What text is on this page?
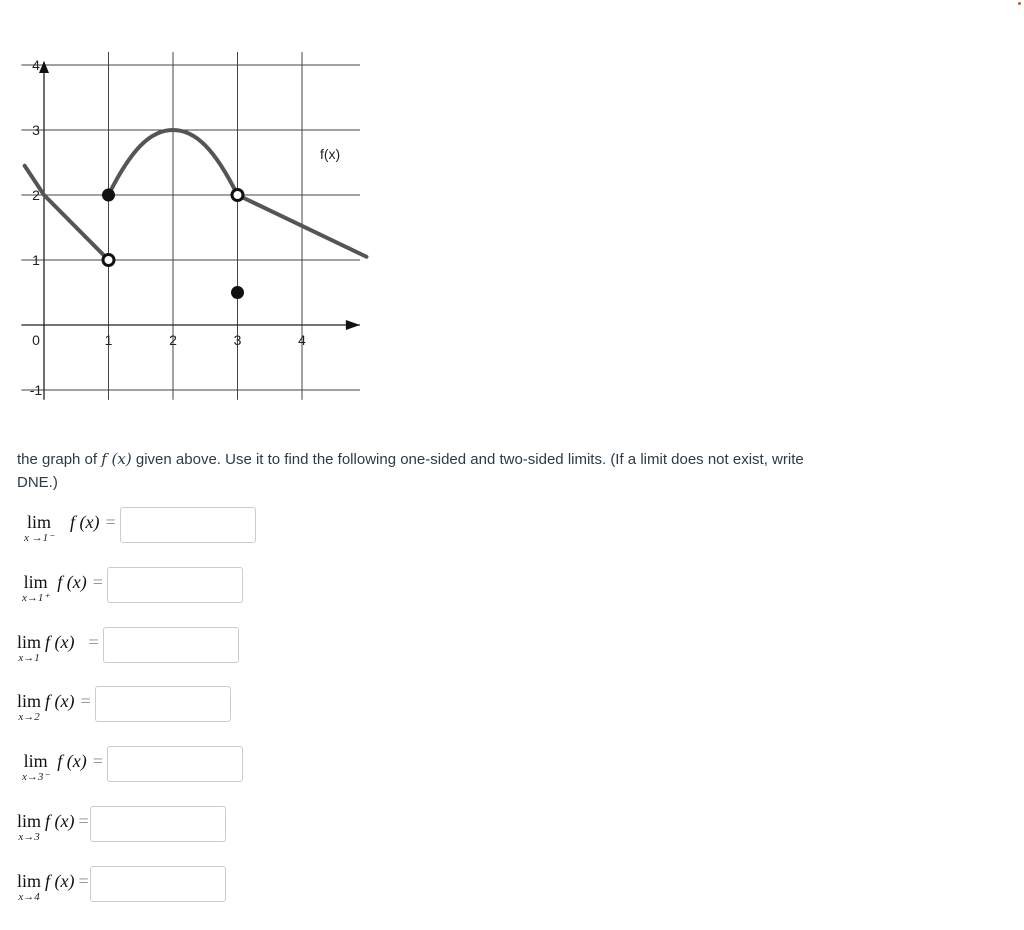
4
3
2
1
0
-1
1	2	3	4
f(x)
the graph of f (x) given above. Use it to find the following one-sided and two-sided limits. (If a limit does not exist, write DNE.)
lim
x →1⁻
f (x) =
lim
x→1⁺
f (x) =
lim
x→1
f (x) =
lim
x→2
f (x) =
lim
x→3⁻
f (x) =
lim
x→3
f (x) =
lim
x→4
f (x) =
